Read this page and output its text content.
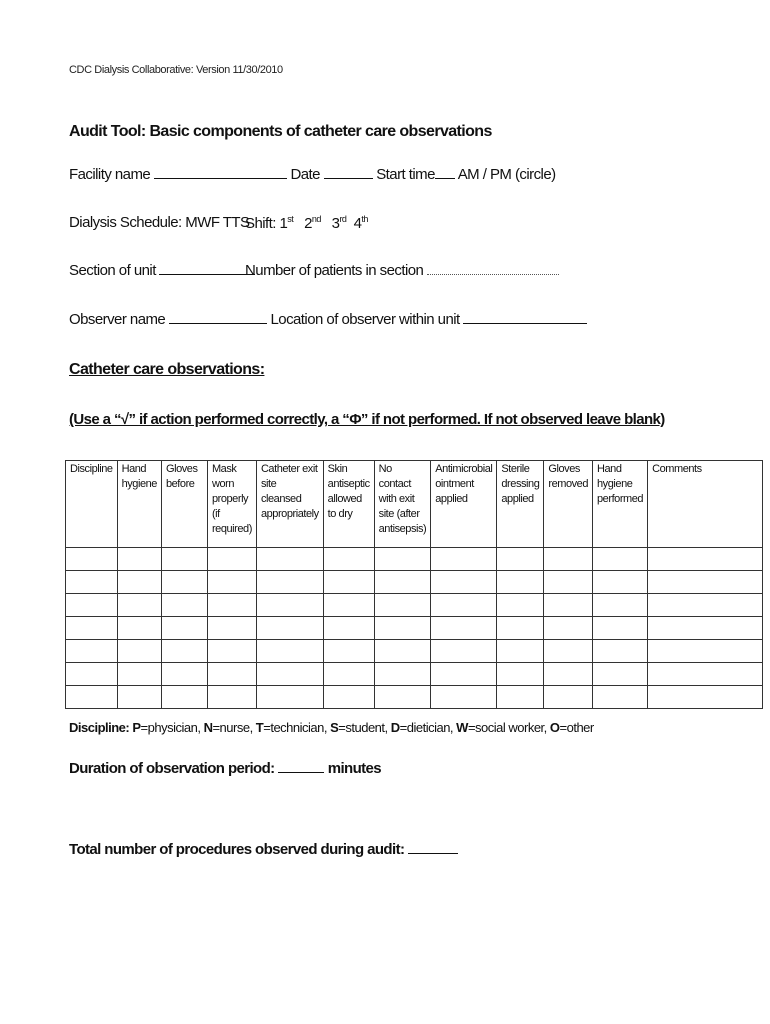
CDC Dialysis Collaborative: Version 11/30/2010
Audit Tool: Basic components of catheter care observations
Facility name	Date	Start time AM / PM (circle)
Dialysis Schedule: MWF TTS
Shift: 1st 2nd 3rd 4th
Section of unit	Number of patients in section
Observer name	Location of observer within unit
Catheter care observations:
(Use a “√” if action performed correctly, a “Φ” if not performed. If not observed leave blank)
Discipline	Hand hygiene	Gloves before	Mask worn properly (if required)	Catheter exit site cleansed appropriately	Skin antiseptic allowed to dry	No contact with exit site (after antisepsis)	Antimicrobial ointment applied	Sterile dressing applied	Gloves removed	Hand hygiene performed	Comments

Discipline: P=physician, N=nurse, T=technician, S=student, D=dietician, W=social worker, O=other
Duration of observation period:	minutes
Total number of procedures observed during audit:
